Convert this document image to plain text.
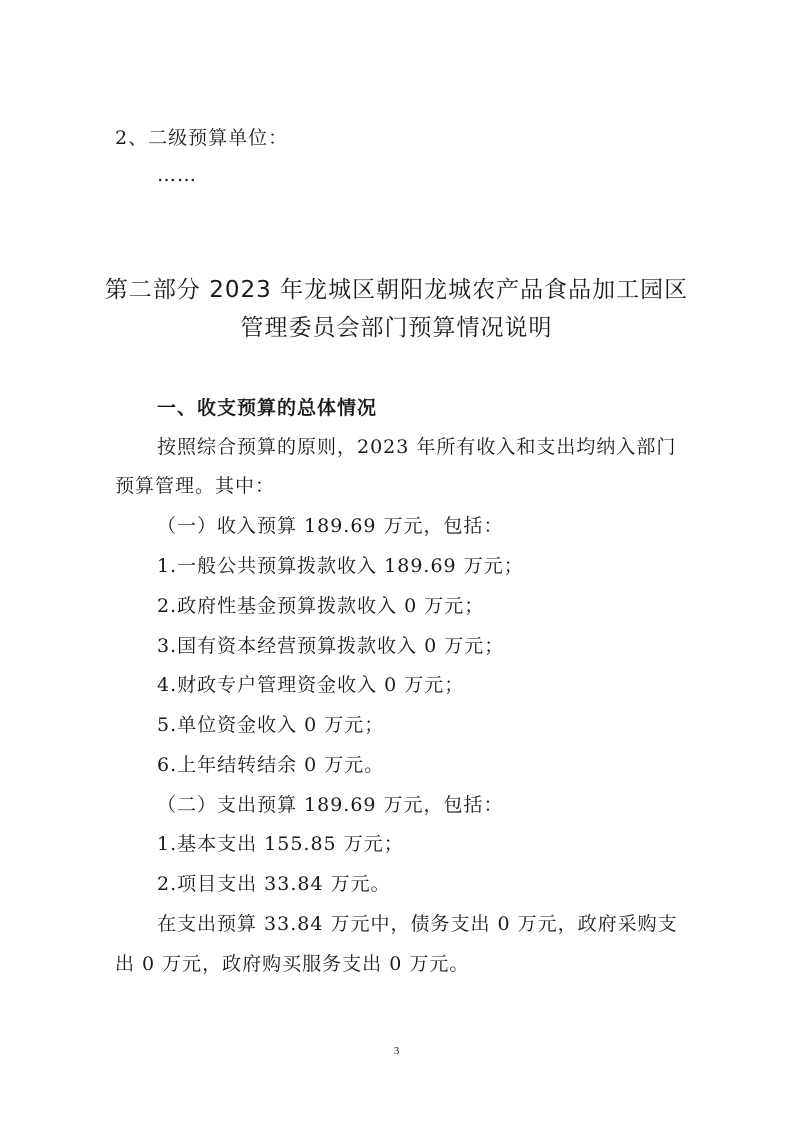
2、二级预算单位：
……
第二部分 2023 年龙城区朝阳龙城农产品食品加工园区
管理委员会部门预算情况说明
一、收支预算的总体情况
按照综合预算的原则，2023 年所有收入和支出均纳入部门
预算管理。其中：
（一）收入预算 189.69 万元，包括：
1.一般公共预算拨款收入 189.69 万元；
2.政府性基金预算拨款收入 0 万元；
3.国有资本经营预算拨款收入 0 万元；
4.财政专户管理资金收入 0 万元；
5.单位资金收入 0 万元；
6.上年结转结余 0 万元。
（二）支出预算 189.69 万元，包括：
1.基本支出 155.85 万元；
2.项目支出 33.84 万元。
在支出预算 33.84 万元中，债务支出 0 万元，政府采购支
出 0 万元，政府购买服务支出 0 万元。
3
